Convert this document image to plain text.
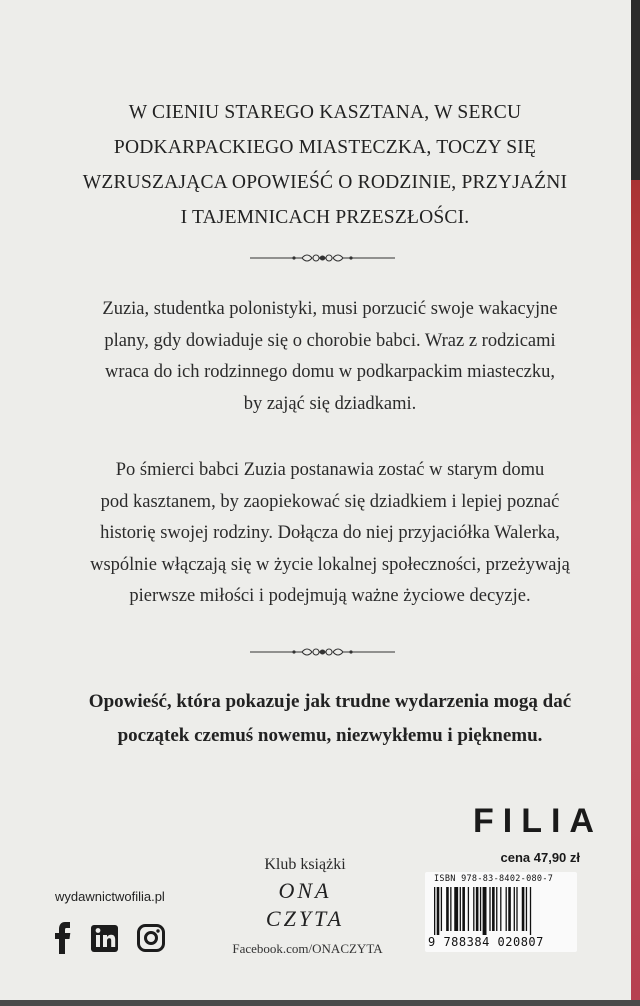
W CIENIU STAREGO KASZTANA, W SERCU
PODKARPACKIEGO MIASTECZKA, TOCZY SIĘ
WZRUSZAJĄCA OPOWIEŚĆ O RODZINIE, PRZYJAŹNI
I TAJEMNICACH PRZESZŁOŚCI.
Zuzia, studentka polonistyki, musi porzucić swoje wakacyjne
plany, gdy dowiaduje się o chorobie babci. Wraz z rodzicami
wraca do ich rodzinnego domu w podkarpackim miasteczku,
by zająć się dziadkami.
Po śmierci babci Zuzia postanawia zostać w starym domu
pod kasztanem, by zaopiekować się dziadkiem i lepiej poznać
historię swojej rodziny. Dołącza do niej przyjaciółka Walerka,
wspólnie włączają się w życie lokalnej społeczności, przeżywają
pierwsze miłości i podejmują ważne życiowe decyzje.
Opowieść, która pokazuje jak trudne wydarzenia mogą dać
początek czemuś nowemu, niezwykłemu i pięknemu.
FILIA
cena 47,90 zł
ISBN 978-83-8402-080-7
9 788384 020807
wydawnictwofilia.pl
Klub książki
ONA
CZYTA
Facebook.com/ONACZYTA
